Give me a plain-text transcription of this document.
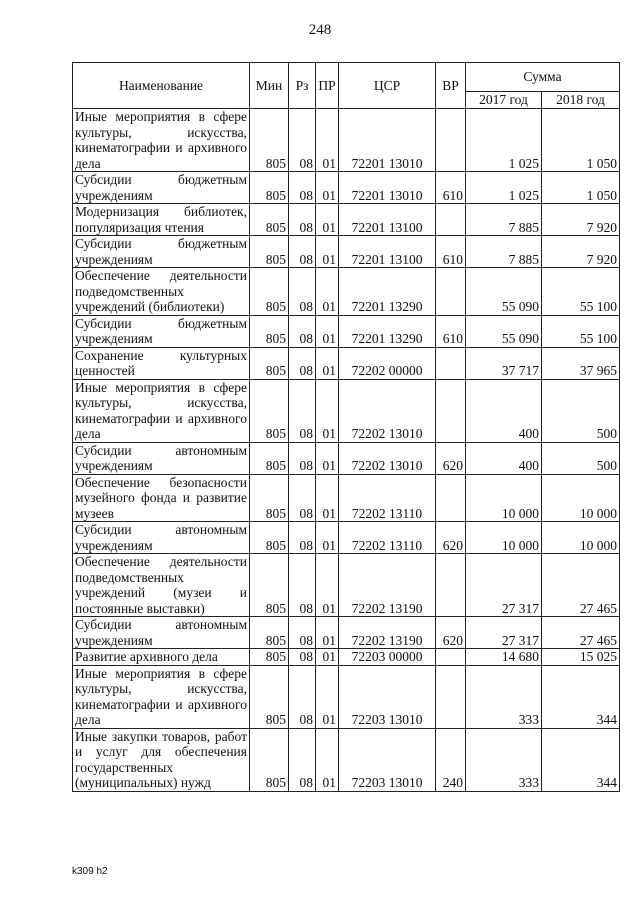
248
Наименование	Мин	Рз	ПР	ЦСР	ВР	Сумма	
						2017 год	2018 год
Иные мероприятия в сфере культуры, искусства, кинематографии и архивного дела	805	08	01	72201 13010		1 025	1 050
Субсидии бюджетным учреждениям	805	08	01	72201 13010	610	1 025	1 050
Модернизация библиотек, популяризация чтения	805	08	01	72201 13100		7 885	7 920
Субсидии бюджетным учреждениям	805	08	01	72201 13100	610	7 885	7 920
Обеспечение деятельности подведомственных учреждений (библиотеки)	805	08	01	72201 13290		55 090	55 100
Субсидии бюджетным учреждениям	805	08	01	72201 13290	610	55 090	55 100
Сохранение культурных ценностей	805	08	01	72202 00000		37 717	37 965
Иные мероприятия в сфере культуры, искусства, кинематографии и архивного дела	805	08	01	72202 13010		400	500
Субсидии автономным учреждениям	805	08	01	72202 13010	620	400	500
Обеспечение безопасности музейного фонда и развитие музеев	805	08	01	72202 13110		10 000	10 000
Субсидии автономным учреждениям	805	08	01	72202 13110	620	10 000	10 000
Обеспечение деятельности подведомственных учреждений (музеи и постоянные выставки)	805	08	01	72202 13190		27 317	27 465
Субсидии автономным учреждениям	805	08	01	72202 13190	620	27 317	27 465
Развитие архивного дела	805	08	01	72203 00000		14 680	15 025
Иные мероприятия в сфере культуры, искусства, кинематографии и архивного дела	805	08	01	72203 13010		333	344
Иные закупки товаров, работ и услуг для обеспечения государственных (муниципальных) нужд	805	08	01	72203 13010	240	333	344
k309 h2
